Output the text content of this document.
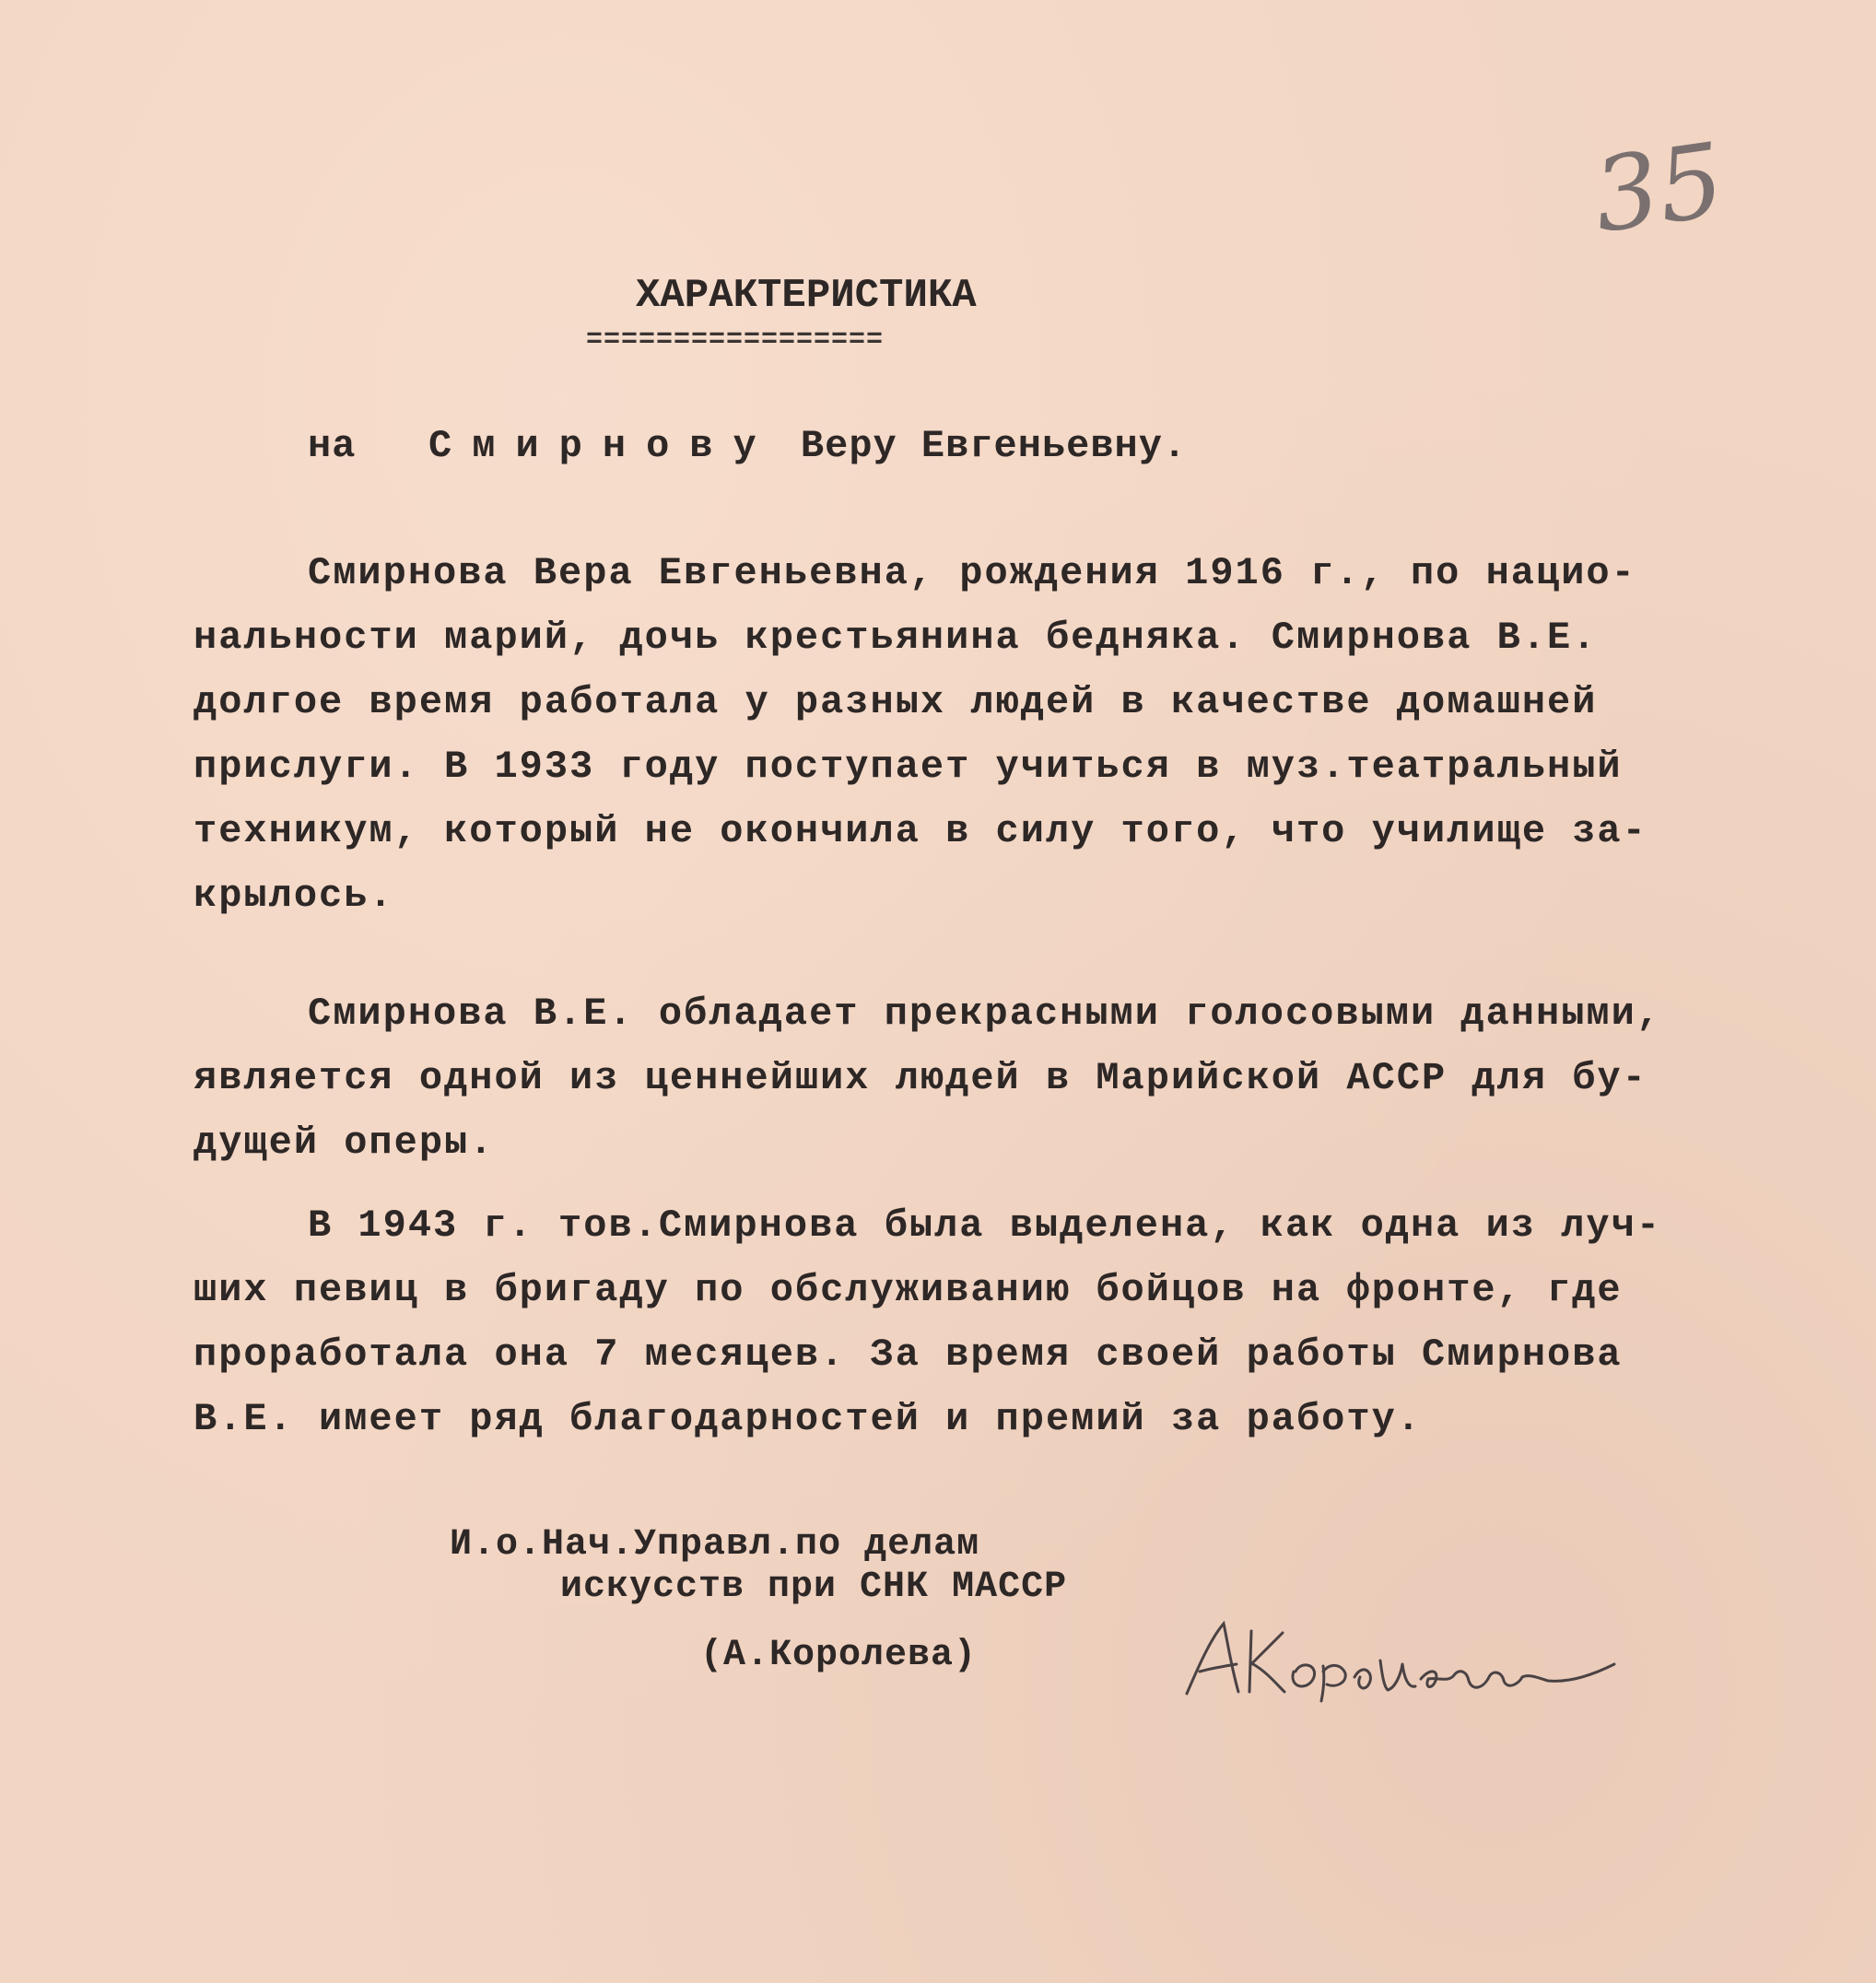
35
ХАРАКТЕРИСТИКА
=================
на Смирнову Веру Евгеньевну.
Смирнова Вера Евгеньевна, рождения 1916 г., по нацио-
нальности марий, дочь крестьянина бедняка. Смирнова В.Е.
долгое время работала у разных людей в качестве домашней
прислуги. В 1933 году поступает учиться в муз.театральный
техникум, который не окончила в силу того, что училище за-
крылось.
Смирнова В.Е. обладает прекрасными голосовыми данными,
является одной из ценнейших людей в Марийской АССР для бу-
дущей оперы.
В 1943 г. тов.Смирнова была выделена, как одна из луч-
ших певиц в бригаду по обслуживанию бойцов на фронте, где
проработала она 7 месяцев. За время своей работы Смирнова
В.Е. имеет ряд благодарностей и премий за работу.
И.о.Нач.Управл.по делам
искусств при СНК МАССР
(А.Королева)
